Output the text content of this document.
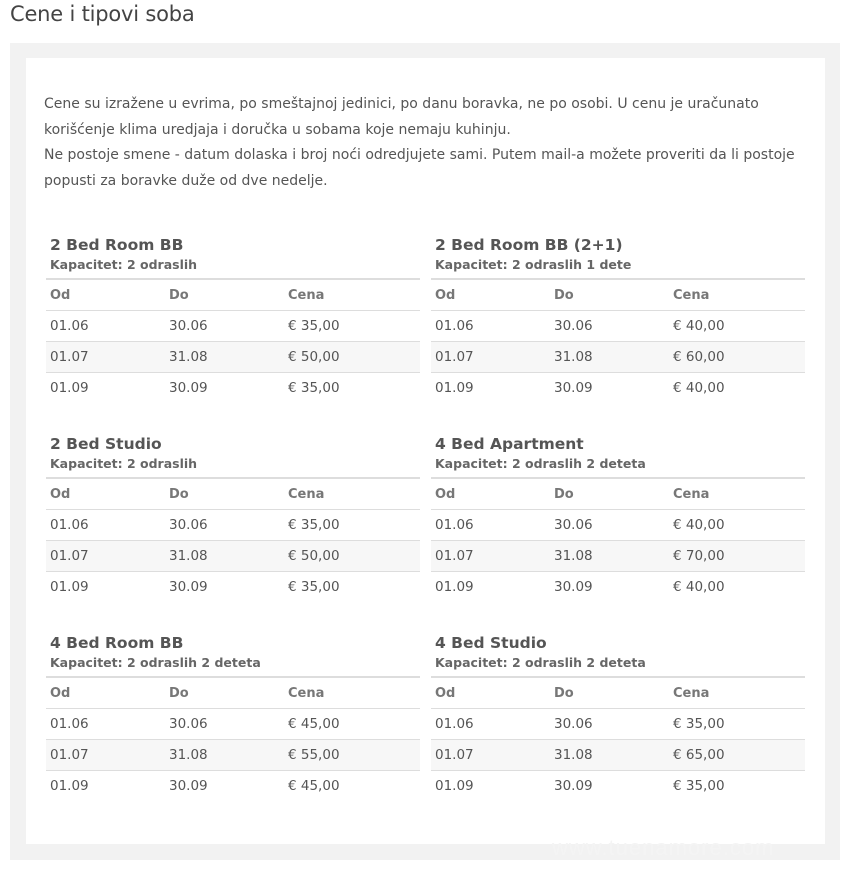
Cene i tipovi soba

Cene su izražene u evrima, po smeštajnoj jedinici, po danu boravka, ne po osobi. U cenu je uračunato korišćenje klima uredjaja i doručka u sobama koje nemaju kuhinju.

Ne postoje smene - datum dolaska i broj noći odredjujete sami. Putem mail-a možete proveriti da li postoje popusti za boravke duže od dve nedelje.

2 Bed Room BB
Kapacitet: 2 odraslih
Od	Do	Cena
01.06	30.06	€ 35,00
01.07	31.08	€ 50,00
01.09	30.09	€ 35,00
2 Bed Room BB (2+1)
Kapacitet: 2 odraslih 1 dete
Od	Do	Cena
01.06	30.06	€ 40,00
01.07	31.08	€ 60,00
01.09	30.09	€ 40,00
2 Bed Studio
Kapacitet: 2 odraslih
Od	Do	Cena
01.06	30.06	€ 35,00
01.07	31.08	€ 50,00
01.09	30.09	€ 35,00
4 Bed Apartment
Kapacitet: 2 odraslih 2 deteta
Od	Do	Cena
01.06	30.06	€ 40,00
01.07	31.08	€ 70,00
01.09	30.09	€ 40,00
4 Bed Room BB
Kapacitet: 2 odraslih 2 deteta
Od	Do	Cena
01.06	30.06	€ 45,00
01.07	31.08	€ 55,00
01.09	30.09	€ 45,00
4 Bed Studio
Kapacitet: 2 odraslih 2 deteta
Od	Do	Cena
01.06	30.06	€ 35,00
01.07	31.08	€ 65,00
01.09	30.09	€ 35,00
www.tuenamore.com
